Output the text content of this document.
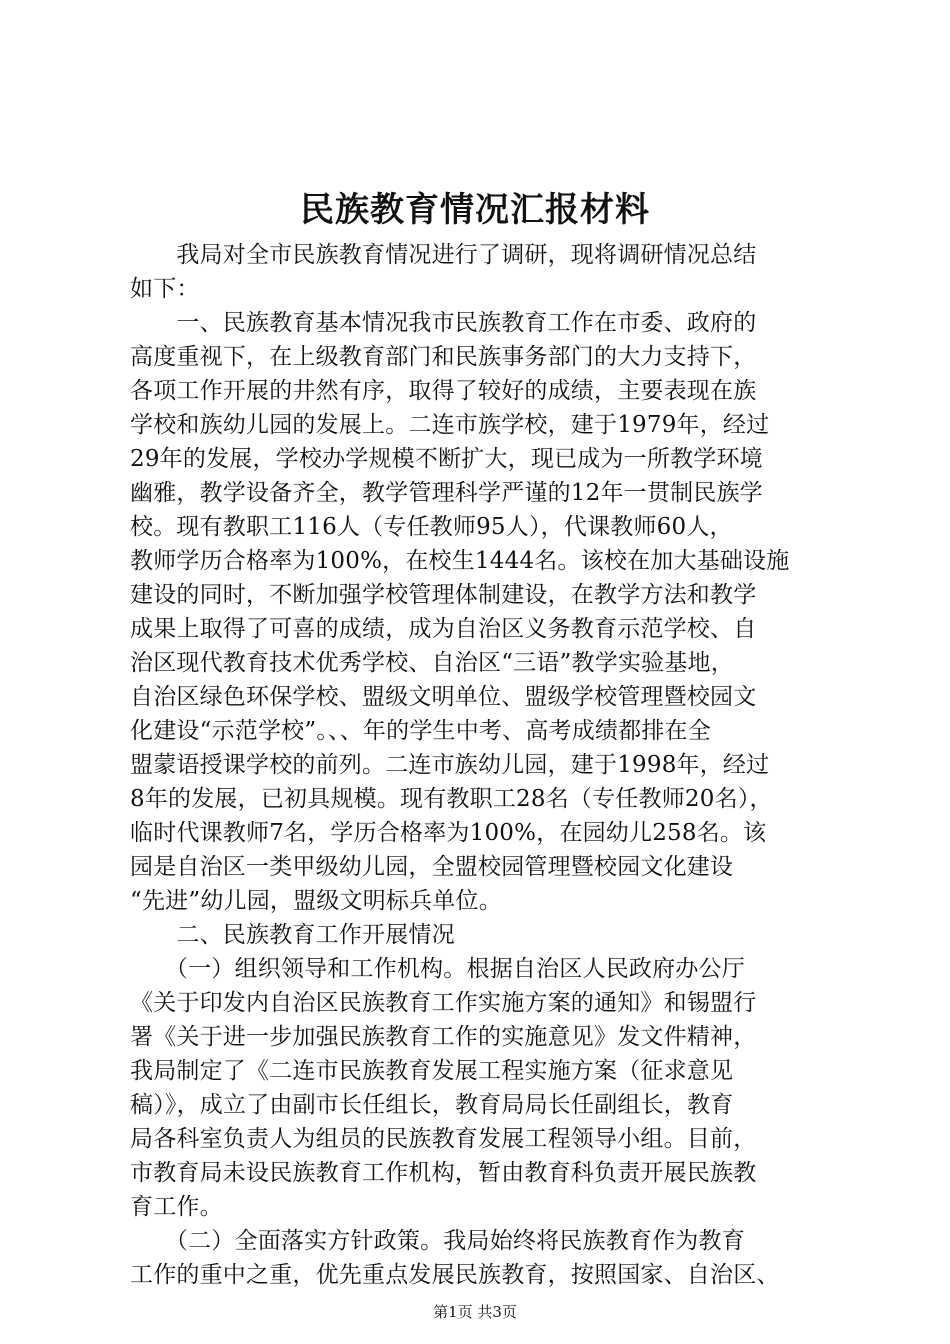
民族教育情况汇报材料
　　我局对全市民族教育情况进行了调研，现将调研情况总结
如下：
　　一、民族教育基本情况我市民族教育工作在市委、政府的
高度重视下，在上级教育部门和民族事务部门的大力支持下，
各项工作开展的井然有序，取得了较好的成绩，主要表现在族
学校和族幼儿园的发展上。二连市族学校，建于1979年，经过
29年的发展，学校办学规模不断扩大，现已成为一所教学环境
幽雅，教学设备齐全，教学管理科学严谨的12年一贯制民族学
校。现有教职工116人（专任教师95人），代课教师60人，
教师学历合格率为100%，在校生1444名。该校在加大基础设施
建设的同时，不断加强学校管理体制建设，在教学方法和教学
成果上取得了可喜的成绩，成为自治区义务教育示范学校、自
治区现代教育技术优秀学校、自治区“三语”教学实验基地，
自治区绿色环保学校、盟级文明单位、盟级学校管理暨校园文
化建设“示范学校”。、、年的学生中考、高考成绩都排在全
盟蒙语授课学校的前列。二连市族幼儿园，建于1998年，经过
8年的发展，已初具规模。现有教职工28名（专任教师20名），
临时代课教师7名，学历合格率为100%，在园幼儿258名。该
园是自治区一类甲级幼儿园，全盟校园管理暨校园文化建设
“先进”幼儿园，盟级文明标兵单位。
　　二、民族教育工作开展情况
　　（一）组织领导和工作机构。根据自治区人民政府办公厅
《关于印发内自治区民族教育工作实施方案的通知》和锡盟行
署《关于进一步加强民族教育工作的实施意见》发文件精神，
我局制定了《二连市民族教育发展工程实施方案（征求意见
稿）》，成立了由副市长任组长，教育局局长任副组长，教育
局各科室负责人为组员的民族教育发展工程领导小组。目前，
市教育局未设民族教育工作机构，暂由教育科负责开展民族教
育工作。
　　（二）全面落实方针政策。我局始终将民族教育作为教育
工作的重中之重，优先重点发展民族教育，按照国家、自治区、
第1页 共3页
